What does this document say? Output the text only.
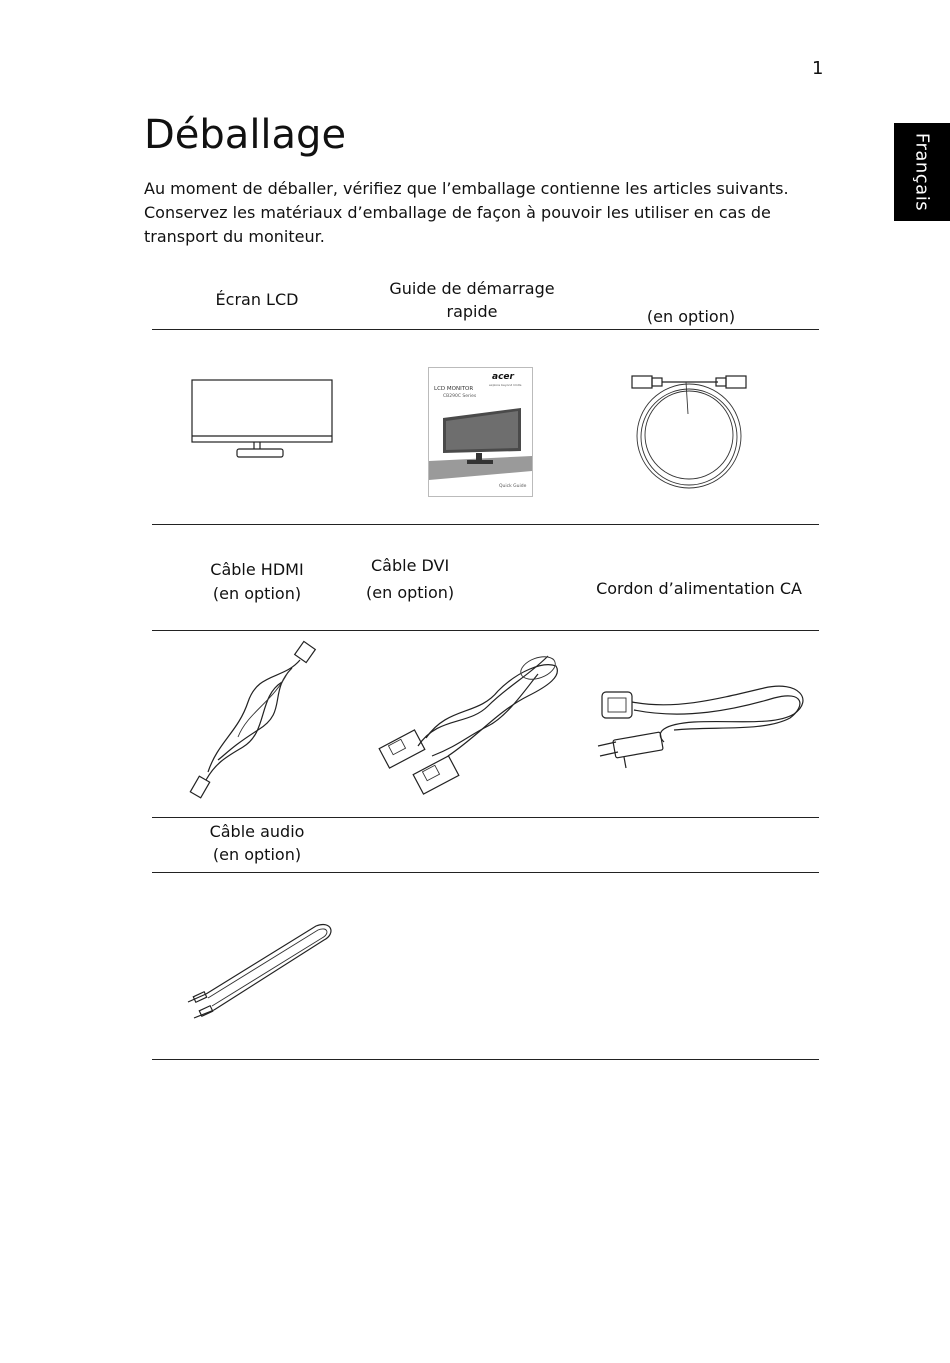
1
Français
Déballage

Au moment de déballer, vérifiez que l’emballage contienne les articles suivants. Conservez les matériaux d’emballage de façon à pouvoir les utiliser en cas de transport du moniteur.

Écran LCD
Guide de démarrage
rapide	(en option)
acer
explore beyond limits
LCD MONITOR
CB290C Series
Quick Guide
Câble HDMI
(en option)
Câble DVI
(en option)	Cordon d’alimentation CA
Câble audio
(en option)
